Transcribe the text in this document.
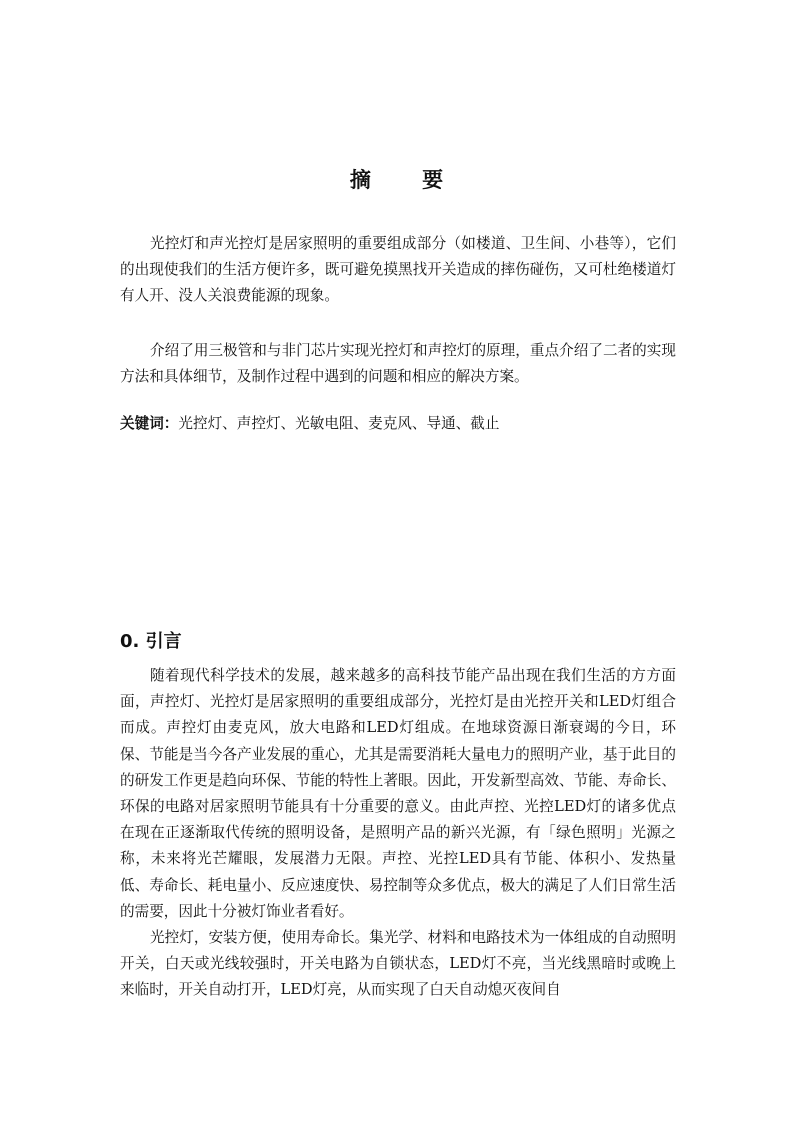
摘 要

光控灯和声光控灯是居家照明的重要组成部分（如楼道、卫生间、小巷等），它们的出现使我们的生活方便许多，既可避免摸黑找开关造成的摔伤碰伤，又可杜绝楼道灯有人开、没人关浪费能源的现象。

介绍了用三极管和与非门芯片实现光控灯和声控灯的原理，重点介绍了二者的实现方法和具体细节，及制作过程中遇到的问题和相应的解决方案。

关键词：光控灯、声控灯、光敏电阻、麦克风、导通、截止

0. 引言

随着现代科学技术的发展，越来越多的高科技节能产品出现在我们生活的方方面面，声控灯、光控灯是居家照明的重要组成部分，光控灯是由光控开关和LED灯组合而成。声控灯由麦克风，放大电路和LED灯组成。在地球资源日渐衰竭的今日，环保、节能是当今各产业发展的重心，尤其是需要消耗大量电力的照明产业，基于此目的的研发工作更是趋向环保、节能的特性上著眼。因此，开发新型高效、节能、寿命长、环保的电路对居家照明节能具有十分重要的意义。由此声控、光控LED灯的诸多优点在现在正逐渐取代传统的照明设备，是照明产品的新兴光源，有「绿色照明」光源之称，未来将光芒耀眼，发展潜力无限。声控、光控LED具有节能、体积小、发热量低、寿命长、耗电量小、反应速度快、易控制等众多优点，极大的满足了人们日常生活的需要，因此十分被灯饰业者看好。

光控灯，安装方便，使用寿命长。集光学、材料和电路技术为一体组成的自动照明开关，白天或光线较强时，开关电路为自锁状态，LED灯不亮，当光线黑暗时或晚上来临时，开关自动打开，LED灯亮，从而实现了白天自动熄灭夜间自
